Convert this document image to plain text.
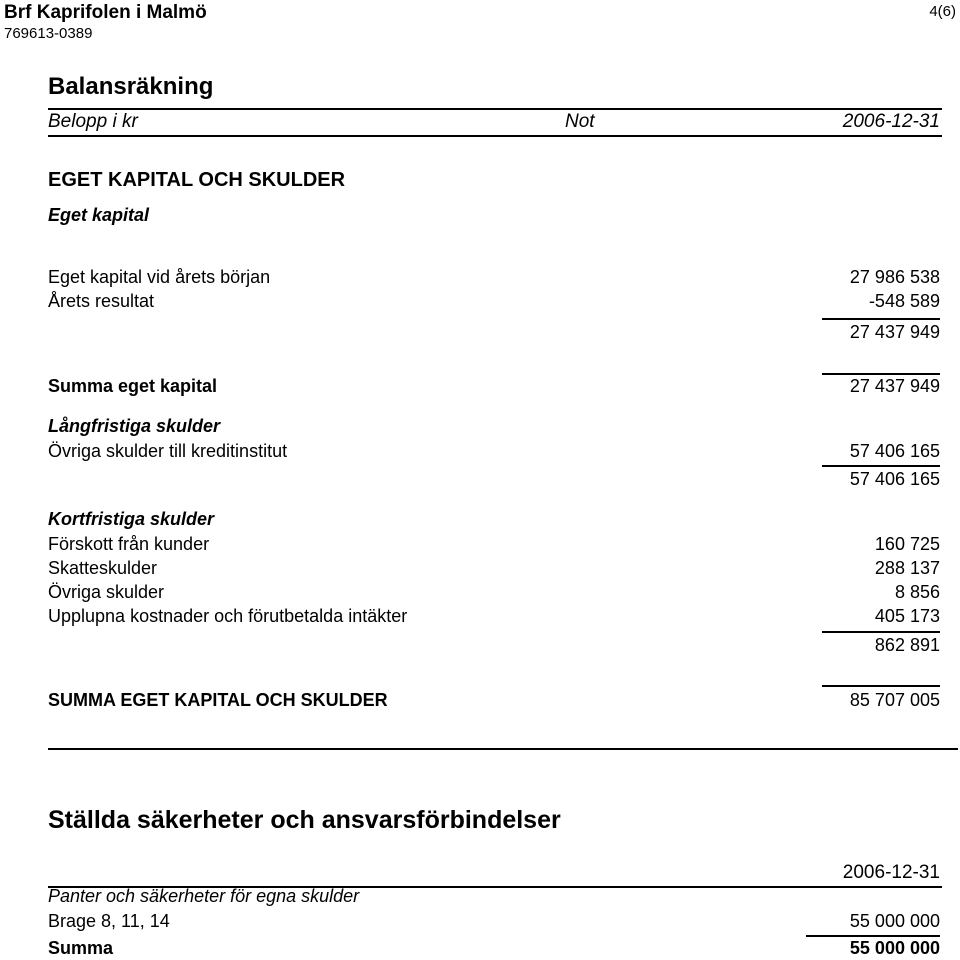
Brf Kaprifolen i Malmö
769613-0389
4(6)
Balansräkning
Belopp i kr	Not	2006-12-31
EGET KAPITAL OCH SKULDER
Eget kapital
Eget kapital vid årets början	27 986 538
Årets resultat	-548 589
27 437 949
Summa eget kapital	27 437 949
Långfristiga skulder
Övriga skulder till kreditinstitut	57 406 165
57 406 165
Kortfristiga skulder
Förskott från kunder	160 725
Skatteskulder	288 137
Övriga skulder	8 856
Upplupna kostnader och förutbetalda intäkter	405 173
862 891
SUMMA EGET KAPITAL OCH SKULDER	85 707 005
Ställda säkerheter och ansvarsförbindelser
2006-12-31
Panter och säkerheter för egna skulder
Brage 8, 11, 14	55 000 000
Summa	55 000 000
